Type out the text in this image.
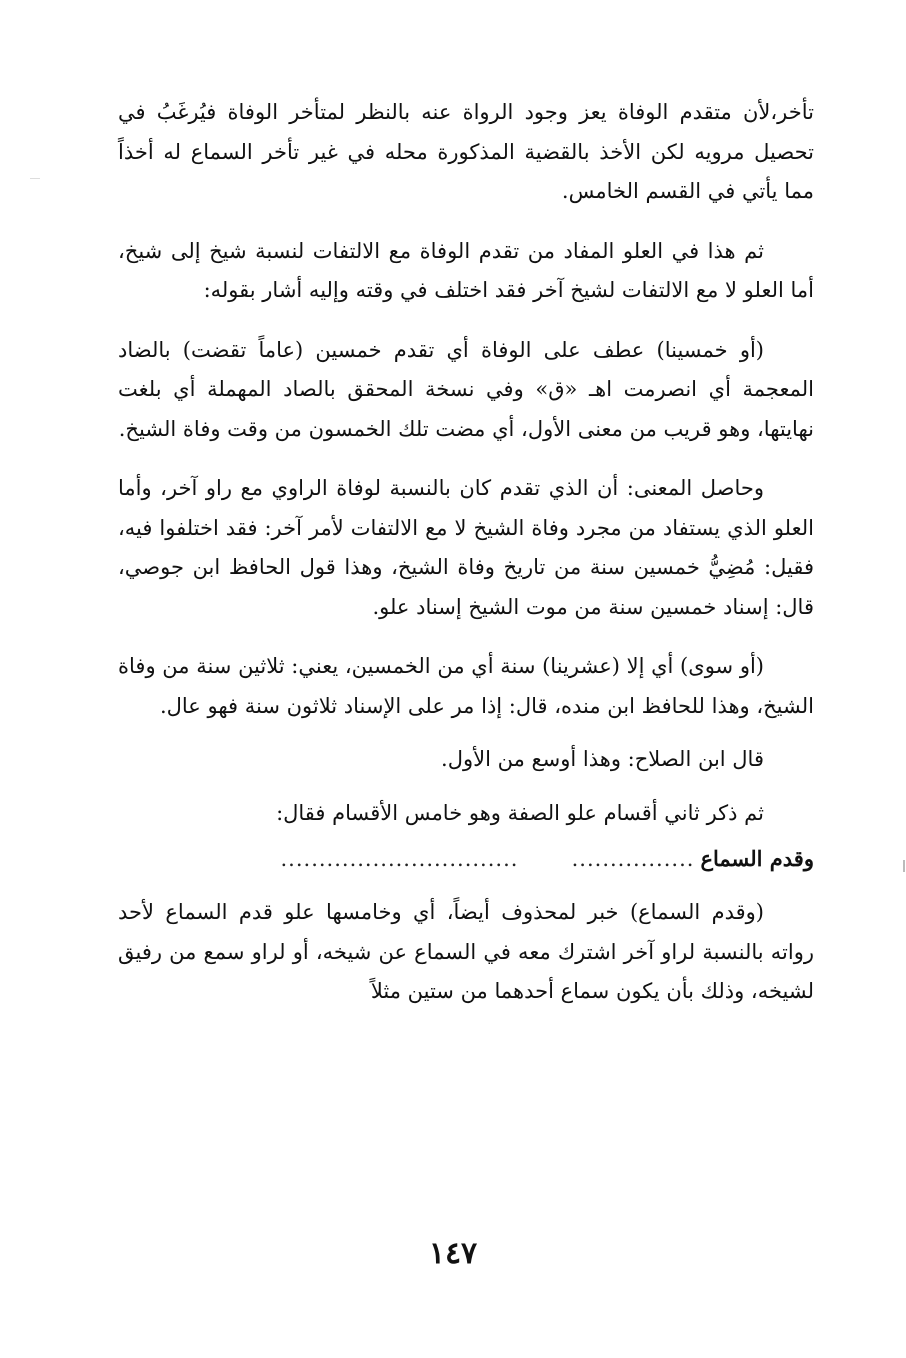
تأخر،لأن متقدم الوفاة يعز وجود الرواة عنه بالنظر لمتأخر الوفاة فيُرغَبُ في تحصيل مرويه لكن الأخذ بالقضية المذكورة محله في غير تأخر السماع له أخذاً مما يأتي في القسم الخامس.

ثم هذا في العلو المفاد من تقدم الوفاة مع الالتفات لنسبة شيخ إلى شيخ، أما العلو لا مع الالتفات لشيخ آخر فقد اختلف في وقته وإليه أشار بقوله:

(أو خمسينا) عطف على الوفاة أي تقدم خمسين (عاماً تقضت) بالضاد المعجمة أي انصرمت اهـ «ق» وفي نسخة المحقق بالصاد المهملة أي بلغت نهايتها، وهو قريب من معنى الأول، أي مضت تلك الخمسون من وقت وفاة الشيخ.

وحاصل المعنى: أن الذي تقدم كان بالنسبة لوفاة الراوي مع راو آخر، وأما العلو الذي يستفاد من مجرد وفاة الشيخ لا مع الالتفات لأمر آخر: فقد اختلفوا فيه، فقيل: مُضِيُّ خمسين سنة من تاريخ وفاة الشيخ، وهذا قول الحافظ ابن جوصي، قال: إسناد خمسين سنة من موت الشيخ إسناد علو.

(أو سوى) أي إلا (عشرينا) سنة أي من الخمسين، يعني: ثلاثين سنة من وفاة الشيخ، وهذا للحافظ ابن منده، قال: إذا مر على الإسناد ثلاثون سنة فهو عال.

قال ابن الصلاح: وهذا أوسع من الأول.

ثم ذكر ثاني أقسام علو الصفة وهو خامس الأقسام فقال:

وقدم السماع
................
...............................

(وقدم السماع) خبر لمحذوف أيضاً، أي وخامسها علو قدم السماع لأحد رواته بالنسبة لراو آخر اشترك معه في السماع عن شيخه، أو لراو سمع من رفيق لشيخه، وذلك بأن يكون سماع أحدهما من ستين مثلاً

١٤٧
